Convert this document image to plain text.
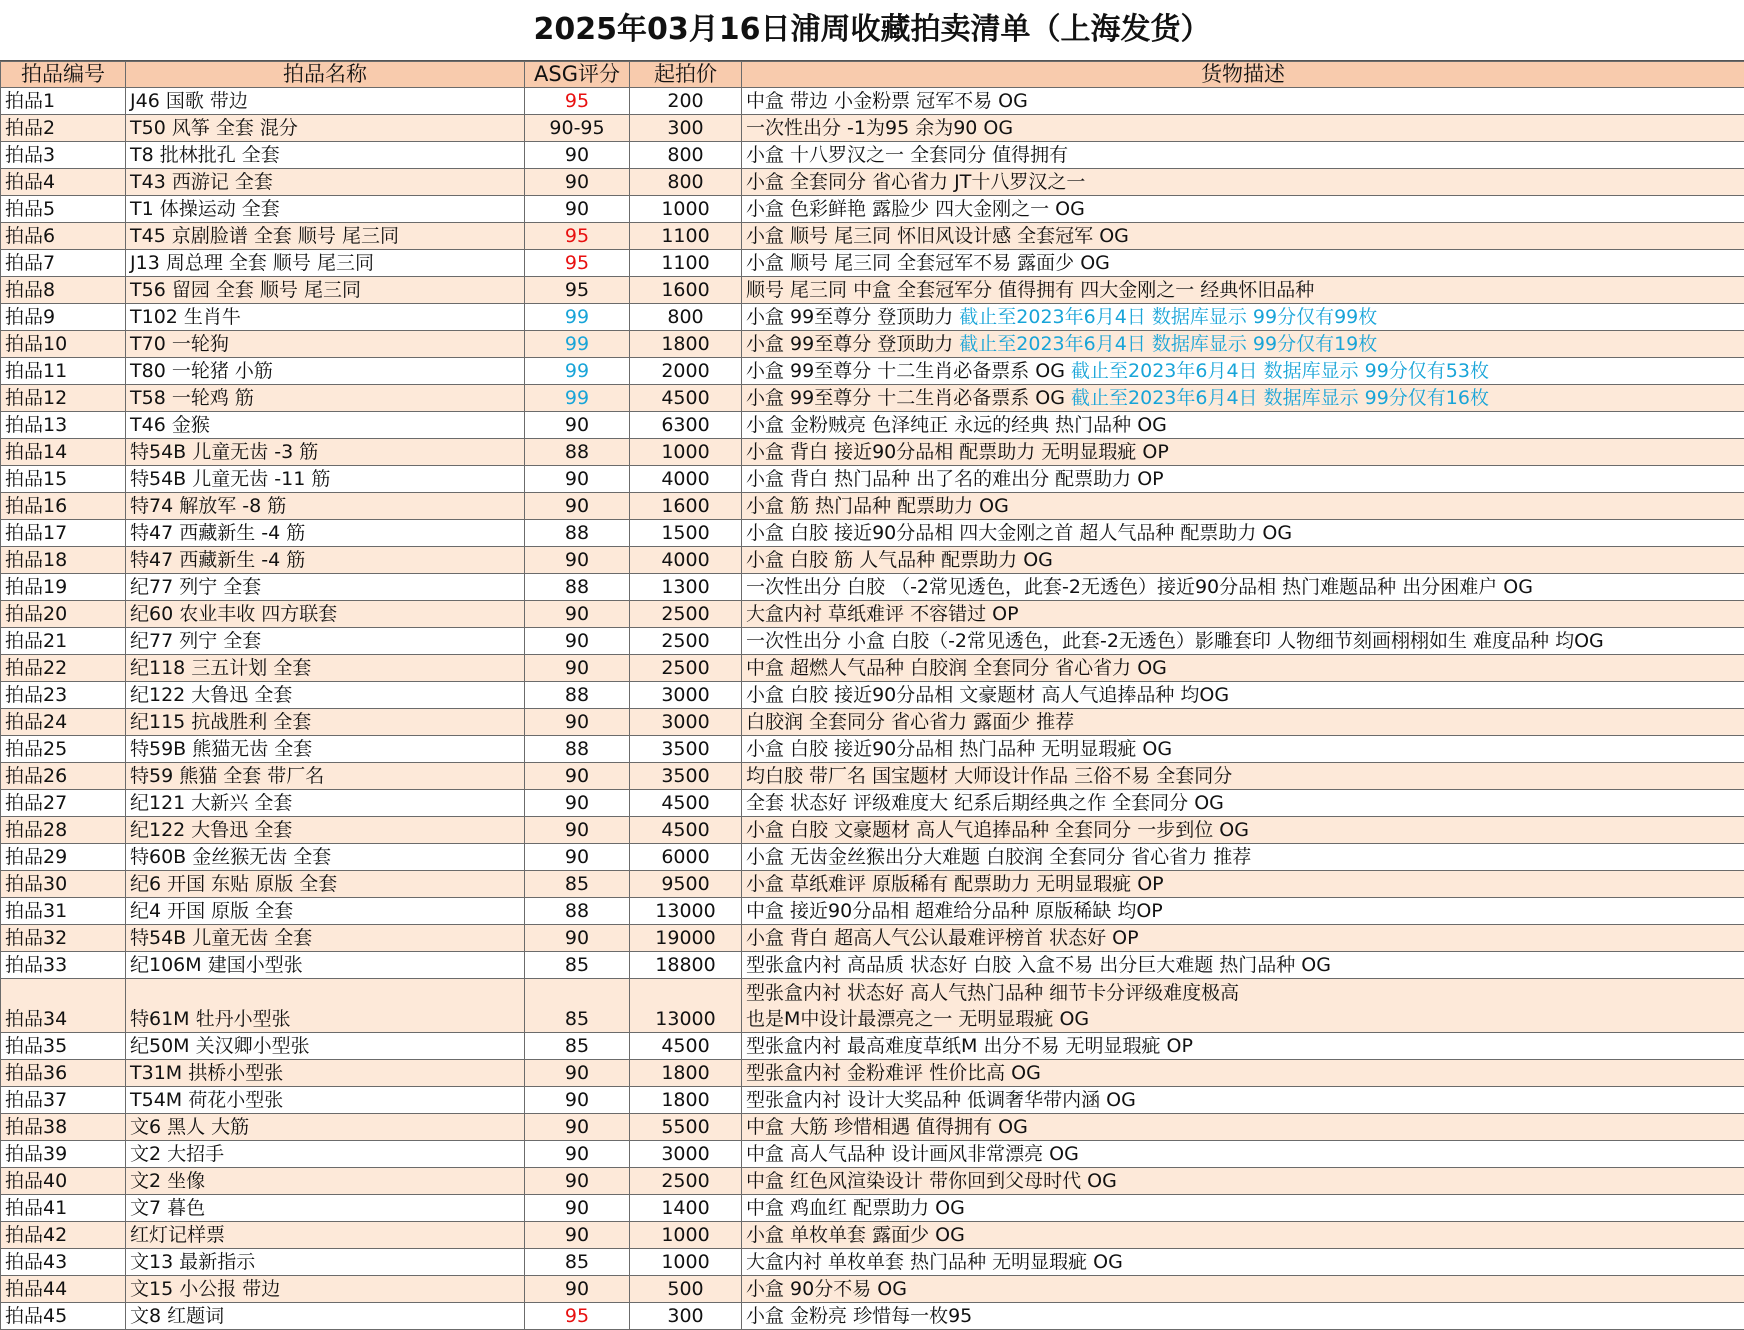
2025年03月16日浦周收藏拍卖清单（上海发货）
拍品编号	拍品名称	ASG评分	起拍价	货物描述
拍品1	J46 国歌 带边	95	200	中盒 带边 小金粉票 冠军不易 OG
拍品2	T50 风筝 全套 混分	90-95	300	一次性出分 -1为95 余为90 OG
拍品3	T8 批林批孔 全套	90	800	小盒 十八罗汉之一 全套同分 值得拥有
拍品4	T43 西游记 全套	90	800	小盒 全套同分 省心省力 JT十八罗汉之一
拍品5	T1 体操运动 全套	90	1000	小盒 色彩鲜艳 露脸少 四大金刚之一 OG
拍品6	T45 京剧脸谱 全套 顺号 尾三同	95	1100	小盒 顺号 尾三同 怀旧风设计感 全套冠军 OG
拍品7	J13 周总理 全套 顺号 尾三同	95	1100	小盒 顺号 尾三同 全套冠军不易 露面少 OG
拍品8	T56 留园 全套 顺号 尾三同	95	1600	顺号 尾三同 中盒 全套冠军分 值得拥有 四大金刚之一 经典怀旧品种
拍品9	T102 生肖牛	99	800	小盒 99至尊分 登顶助力 截止至2023年6月4日 数据库显示 99分仅有99枚
拍品10	T70 一轮狗	99	1800	小盒 99至尊分 登顶助力 截止至2023年6月4日 数据库显示 99分仅有19枚
拍品11	T80 一轮猪 小筋	99	2000	小盒 99至尊分 十二生肖必备票系 OG 截止至2023年6月4日 数据库显示 99分仅有53枚
拍品12	T58 一轮鸡 筋	99	4500	小盒 99至尊分 十二生肖必备票系 OG 截止至2023年6月4日 数据库显示 99分仅有16枚
拍品13	T46 金猴	90	6300	小盒 金粉贼亮 色泽纯正 永远的经典 热门品种 OG
拍品14	特54B 儿童无齿 -3 筋	88	1000	小盒 背白 接近90分品相 配票助力 无明显瑕疵 OP
拍品15	特54B 儿童无齿 -11 筋	90	4000	小盒 背白 热门品种 出了名的难出分 配票助力 OP
拍品16	特74 解放军 -8 筋	90	1600	小盒 筋 热门品种 配票助力 OG
拍品17	特47 西藏新生 -4 筋	88	1500	小盒 白胶 接近90分品相 四大金刚之首 超人气品种 配票助力 OG
拍品18	特47 西藏新生 -4 筋	90	4000	小盒 白胶 筋 人气品种 配票助力 OG
拍品19	纪77 列宁 全套	88	1300	一次性出分 白胶 （-2常见透色，此套-2无透色）接近90分品相 热门难题品种 出分困难户 OG
拍品20	纪60 农业丰收 四方联套	90	2500	大盒内衬 草纸难评 不容错过 OP
拍品21	纪77 列宁 全套	90	2500	一次性出分 小盒 白胶（-2常见透色，此套-2无透色）影雕套印 人物细节刻画栩栩如生 难度品种 均OG
拍品22	纪118 三五计划 全套	90	2500	中盒 超燃人气品种 白胶润 全套同分 省心省力 OG
拍品23	纪122 大鲁迅 全套	88	3000	小盒 白胶 接近90分品相 文豪题材 高人气追捧品种 均OG
拍品24	纪115 抗战胜利 全套	90	3000	白胶润 全套同分 省心省力 露面少 推荐
拍品25	特59B 熊猫无齿 全套	88	3500	小盒 白胶 接近90分品相 热门品种 无明显瑕疵 OG
拍品26	特59 熊猫 全套 带厂名	90	3500	均白胶 带厂名 国宝题材 大师设计作品 三俗不易 全套同分
拍品27	纪121 大新兴 全套	90	4500	全套 状态好 评级难度大 纪系后期经典之作 全套同分 OG
拍品28	纪122 大鲁迅 全套	90	4500	小盒 白胶 文豪题材 高人气追捧品种 全套同分 一步到位 OG
拍品29	特60B 金丝猴无齿 全套	90	6000	小盒 无齿金丝猴出分大难题 白胶润 全套同分 省心省力 推荐
拍品30	纪6 开国 东贴 原版 全套	85	9500	小盒 草纸难评 原版稀有 配票助力 无明显瑕疵 OP
拍品31	纪4 开国 原版 全套	88	13000	中盒 接近90分品相 超难给分品种 原版稀缺 均OP
拍品32	特54B 儿童无齿 全套	90	19000	小盒 背白 超高人气公认最难评榜首 状态好 OP
拍品33	纪106M 建国小型张	85	18800	型张盒内衬 高品质 状态好 白胶 入盒不易 出分巨大难题 热门品种 OG
拍品34	特61M 牡丹小型张	85	13000	型张盒内衬 状态好 高人气热门品种 细节卡分评级难度极高
也是M中设计最漂亮之一 无明显瑕疵 OG
拍品35	纪50M 关汉卿小型张	85	4500	型张盒内衬 最高难度草纸M 出分不易 无明显瑕疵 OP
拍品36	T31M 拱桥小型张	90	1800	型张盒内衬 金粉难评 性价比高 OG
拍品37	T54M 荷花小型张	90	1800	型张盒内衬 设计大奖品种 低调奢华带内涵 OG
拍品38	文6 黑人 大筋	90	5500	中盒 大筋 珍惜相遇 值得拥有 OG
拍品39	文2 大招手	90	3000	中盒 高人气品种 设计画风非常漂亮 OG
拍品40	文2 坐像	90	2500	中盒 红色风渲染设计 带你回到父母时代 OG
拍品41	文7 暮色	90	1400	中盒 鸡血红 配票助力 OG
拍品42	红灯记样票	90	1000	小盒 单枚单套 露面少 OG
拍品43	文13 最新指示	85	1000	大盒内衬 单枚单套 热门品种 无明显瑕疵 OG
拍品44	文15 小公报 带边	90	500	小盒 90分不易 OG
拍品45	文8 红题词	95	300	小盒 金粉亮 珍惜每一枚95
